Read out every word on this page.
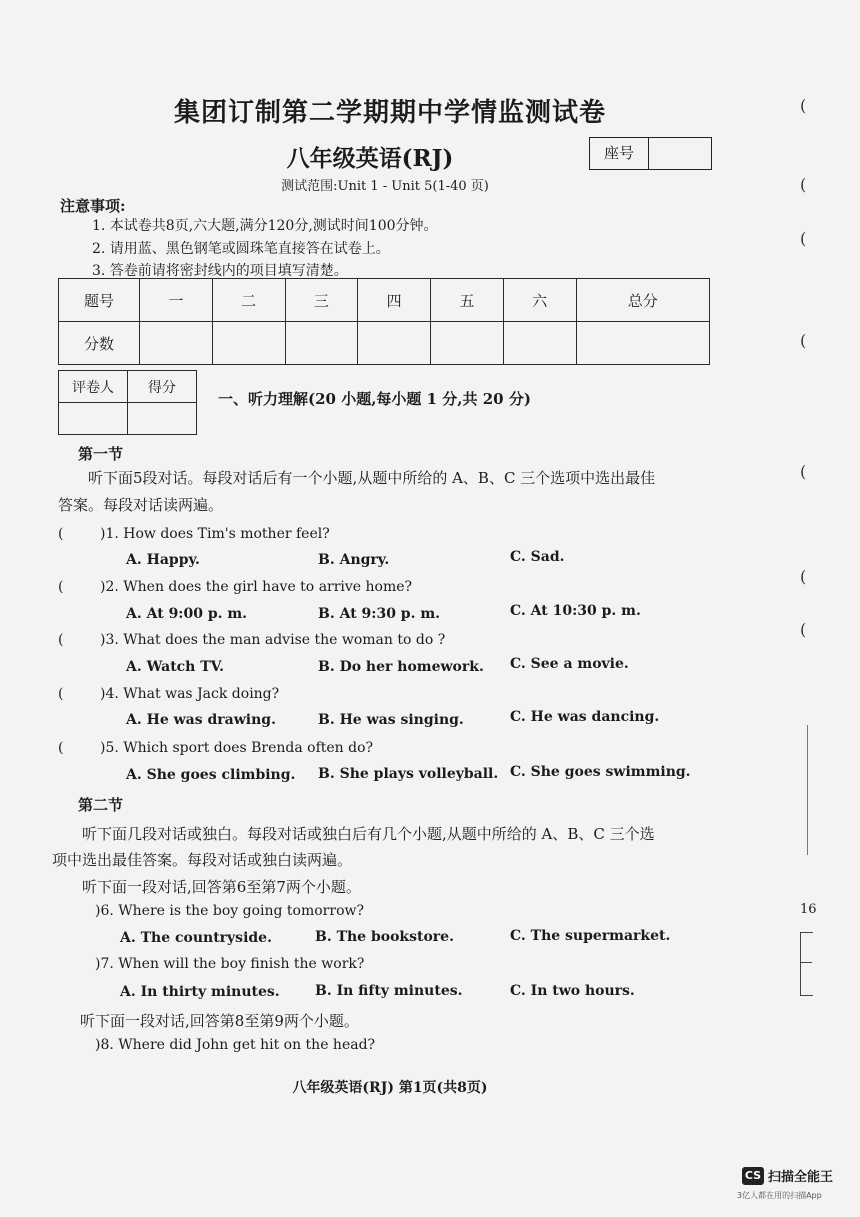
集团订制第二学期期中学情监测试卷
八年级英语(RJ)	座号
测试范围:Unit 1 - Unit 5(1-40 页)
注意事项:
1. 本试卷共8页,六大题,满分120分,测试时间100分钟。
2. 请用蓝、黑色钢笔或圆珠笔直接答在试卷上。
3. 答卷前请将密封线内的项目填写清楚。
题号	一	二	三	四	五	六	总分
分数							
评卷人	得分

一、听力理解(20 小题,每小题 1 分,共 20 分)
第一节
听下面5段对话。每段对话后有一个小题,从题中所给的 A、B、C 三个选项中选出最佳
答案。每段对话读两遍。
(	)1. How does Tim's mother feel?
A. Happy.	B. Angry.	C. Sad.
(	)2. When does the girl have to arrive home?
A. At 9:00 p. m.	B. At 9:30 p. m.	C. At 10:30 p. m.
(	)3. What does the man advise the woman to do ?
A. Watch TV.	B. Do her homework. C. See a movie.
(	)4. What was Jack doing?
A. He was drawing.	B. He was singing.	C. He was dancing.
(	)5. Which sport does Brenda often do?
A. She goes climbing. B. She plays volleyball. C. She goes swimming.
第二节
听下面几段对话或独白。每段对话或独白后有几个小题,从题中所给的 A、B、C 三个选
项中选出最佳答案。每段对话或独白读两遍。
听下面一段对话,回答第6至第7两个小题。
)6. Where is the boy going tomorrow?
A. The countryside.	B. The bookstore.	C. The supermarket.
)7. When will the boy finish the work?
A. In thirty minutes.	B. In fifty minutes.	C. In two hours.
听下面一段对话,回答第8至第9两个小题。
)8. Where did John get hit on the head?
八年级英语(RJ) 第1页(共8页)
(
(
(
(
(
(
(
16
CS 扫描全能王
3亿人都在用的扫描App
